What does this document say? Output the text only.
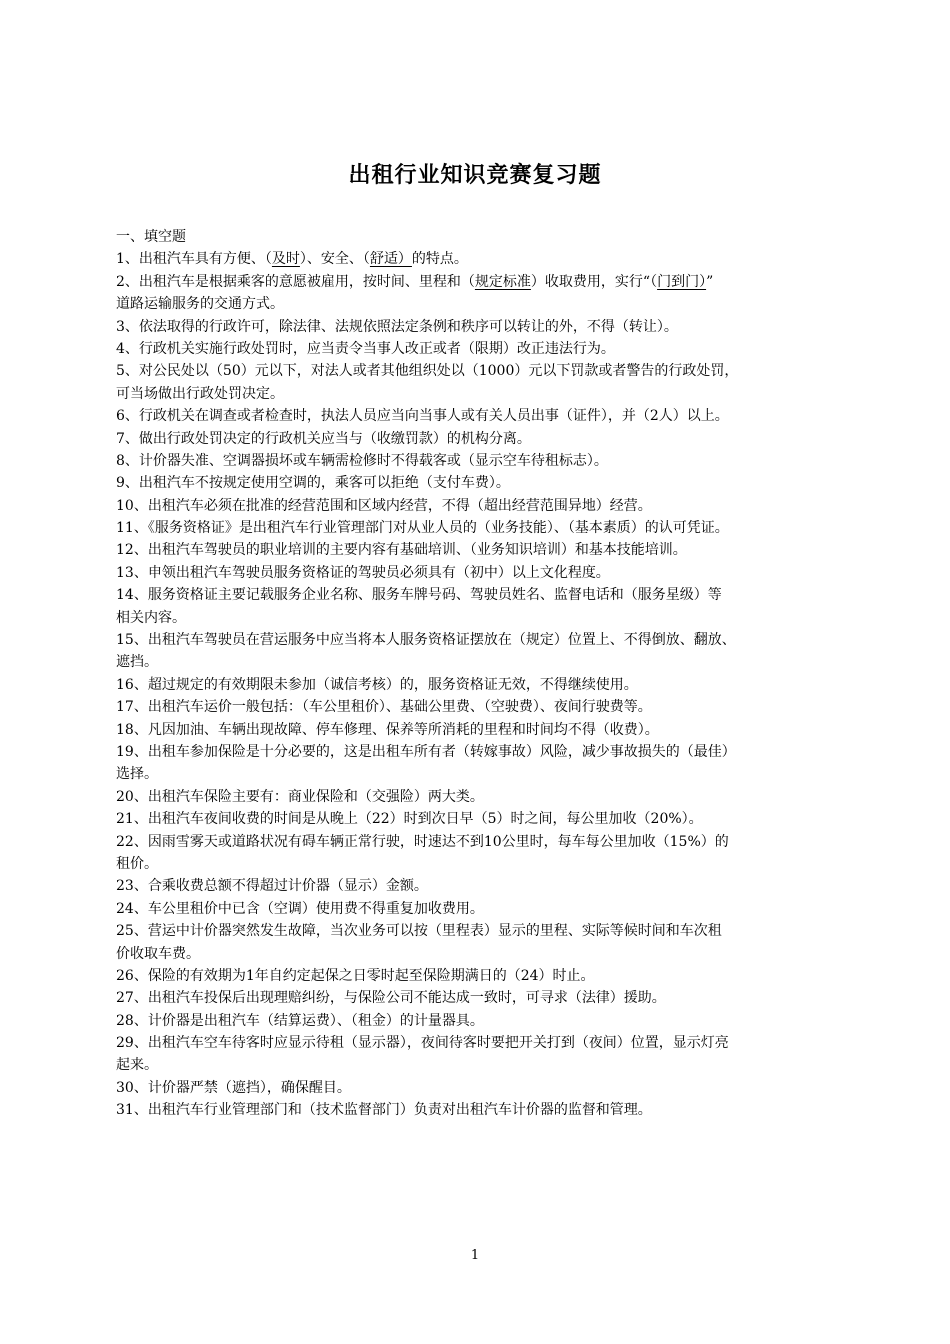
出租行业知识竞赛复习题
一、填空题
1、出租汽车具有方便、（及时）、安全、（舒适）的特点。
2、出租汽车是根据乘客的意愿被雇用，按时间、里程和（规定标准）收取费用，实行“（门到门）”
道路运输服务的交通方式。
3、依法取得的行政许可，除法律、法规依照法定条例和秩序可以转让的外，不得（转让）。
4、行政机关实施行政处罚时，应当责令当事人改正或者（限期）改正违法行为。
5、对公民处以（50）元以下，对法人或者其他组织处以（1000）元以下罚款或者警告的行政处罚，
可当场做出行政处罚决定。
6、行政机关在调查或者检查时，执法人员应当向当事人或有关人员出事（证件），并（2人）以上。
7、做出行政处罚决定的行政机关应当与（收缴罚款）的机构分离。
8、计价器失准、空调器损坏或车辆需检修时不得载客或（显示空车待租标志）。
9、出租汽车不按规定使用空调的，乘客可以拒绝（支付车费）。
10、出租汽车必须在批准的经营范围和区域内经营，不得（超出经营范围异地）经营。
11、《服务资格证》是出租汽车行业管理部门对从业人员的（业务技能）、（基本素质）的认可凭证。
12、出租汽车驾驶员的职业培训的主要内容有基础培训、（业务知识培训）和基本技能培训。
13、申领出租汽车驾驶员服务资格证的驾驶员必须具有（初中）以上文化程度。
14、服务资格证主要记载服务企业名称、服务车牌号码、驾驶员姓名、监督电话和（服务星级）等
相关内容。
15、出租汽车驾驶员在营运服务中应当将本人服务资格证摆放在（规定）位置上、不得倒放、翻放、
遮挡。
16、超过规定的有效期限未参加（诚信考核）的，服务资格证无效，不得继续使用。
17、出租汽车运价一般包括：（车公里租价）、基础公里费、（空驶费）、夜间行驶费等。
18、凡因加油、车辆出现故障、停车修理、保养等所消耗的里程和时间均不得（收费）。
19、出租车参加保险是十分必要的，这是出租车所有者（转嫁事故）风险，减少事故损失的（最佳）
选择。
20、出租汽车保险主要有：商业保险和（交强险）两大类。
21、出租汽车夜间收费的时间是从晚上（22）时到次日早（5）时之间，每公里加收（20%）。
22、因雨雪雾天或道路状况有碍车辆正常行驶，时速达不到10公里时，每车每公里加收（15%）的
租价。
23、合乘收费总额不得超过计价器（显示）金额。
24、车公里租价中已含（空调）使用费不得重复加收费用。
25、营运中计价器突然发生故障，当次业务可以按（里程表）显示的里程、实际等候时间和车次租
价收取车费。
26、保险的有效期为1年自约定起保之日零时起至保险期满日的（24）时止。
27、出租汽车投保后出现理赔纠纷，与保险公司不能达成一致时，可寻求（法律）援助。
28、计价器是出租汽车（结算运费）、（租金）的计量器具。
29、出租汽车空车待客时应显示待租（显示器），夜间待客时要把开关打到（夜间）位置，显示灯亮
起来。
30、计价器严禁（遮挡），确保醒目。
31、出租汽车行业管理部门和（技术监督部门）负责对出租汽车计价器的监督和管理。
1
